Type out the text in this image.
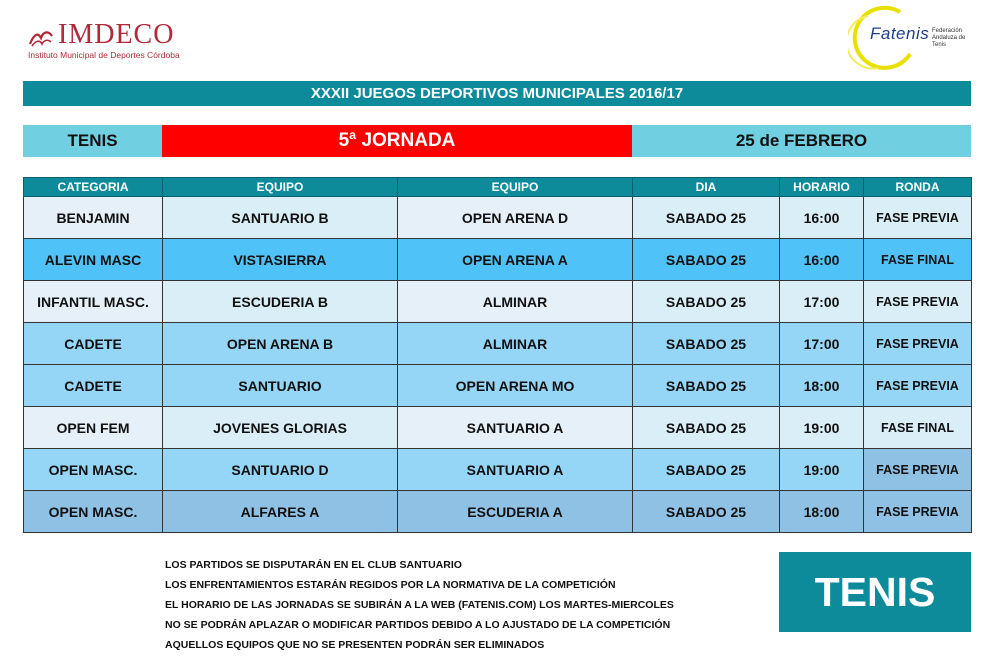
IMDECO
Instituto Municipal de Deportes Córdoba
Fatenis Federación Andaluza de Tenis
XXXII JUEGOS DEPORTIVOS MUNICIPALES 2016/17
TENIS	5ª JORNADA	25 de FEBRERO
CATEGORIA	EQUIPO	EQUIPO	DIA	HORARIO	RONDA
BENJAMIN	SANTUARIO B	OPEN ARENA D	SABADO 25	16:00	FASE PREVIA
ALEVIN MASC	VISTASIERRA	OPEN ARENA A	SABADO 25	16:00	FASE FINAL
INFANTIL MASC.	ESCUDERIA B	ALMINAR	SABADO 25	17:00	FASE PREVIA
CADETE	OPEN ARENA B	ALMINAR	SABADO 25	17:00	FASE PREVIA
CADETE	SANTUARIO	OPEN ARENA MO	SABADO 25	18:00	FASE PREVIA
OPEN FEM	JOVENES GLORIAS	SANTUARIO A	SABADO 25	19:00	FASE FINAL
OPEN MASC.	SANTUARIO D	SANTUARIO A	SABADO 25	19:00	FASE PREVIA
OPEN MASC.	ALFARES A	ESCUDERIA A	SABADO 25	18:00	FASE PREVIA
LOS PARTIDOS SE DISPUTARÁN EN EL CLUB SANTUARIO
LOS ENFRENTAMIENTOS ESTARÁN REGIDOS POR LA NORMATIVA DE LA COMPETICIÓN
EL HORARIO DE LAS JORNADAS SE SUBIRÁN A LA WEB (FATENIS.COM) LOS MARTES-MIERCOLES
NO SE PODRÁN APLAZAR O MODIFICAR PARTIDOS DEBIDO A LO AJUSTADO DE LA COMPETICIÓN
AQUELLOS EQUIPOS QUE NO SE PRESENTEN PODRÁN SER ELIMINADOS
TENIS
